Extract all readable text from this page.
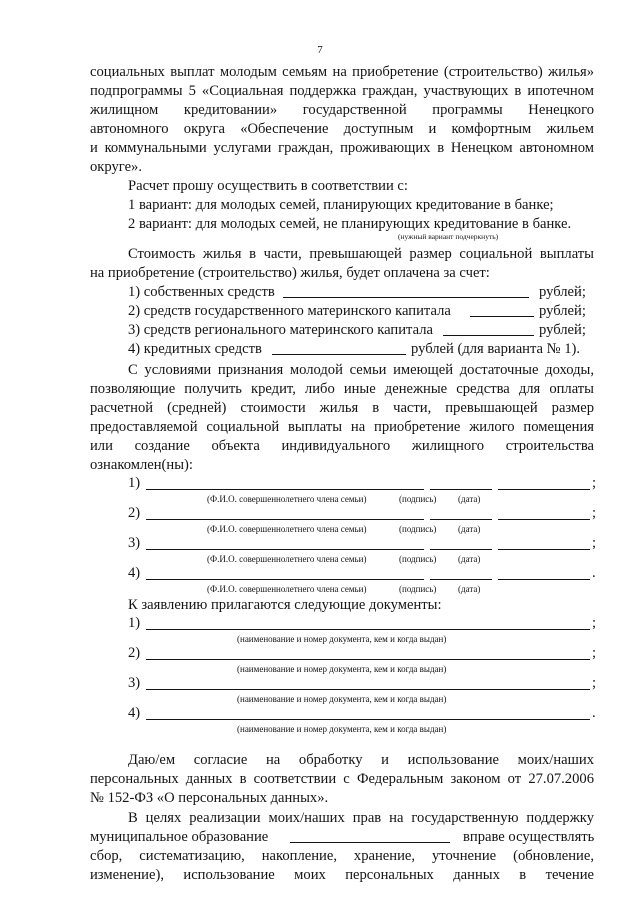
7
социальных выплат молодым семьям на приобретение (строительство) жилья»
подпрограммы 5 «Социальная поддержка граждан, участвующих в ипотечном
жилищном кредитовании» государственной программы Ненецкого
автономного округа «Обеспечение доступным и комфортным жильем
и коммунальными услугами граждан, проживающих в Ненецком автономном
округе».
Расчет прошу осуществить в соответствии с:
1 вариант: для молодых семей, планирующих кредитование в банке;
2 вариант: для молодых семей, не планирующих кредитование в банке.
(нужный вариант подчеркнуть)
Стоимость жилья в части, превышающей размер социальной выплаты
на приобретение (строительство) жилья, будет оплачена за счет:
1) собственных средств	рублей;
2) средств государственного материнского капитала	рублей;
3) средств регионального материнского капитала	рублей;
4) кредитных средств	рублей (для варианта № 1).
С условиями признания молодой семьи имеющей достаточные доходы,
позволяющие получить кредит, либо иные денежные средства для оплаты
расчетной (средней) стоимости жилья в части, превышающей размер
предоставляемой социальной выплаты на приобретение жилого помещения
или создание объекта индивидуального жилищного строительства
ознакомлен(ны):
1)	;
(Ф.И.О. совершеннолетнего члена семьи)	(подпись) (дата)
2)	;
(Ф.И.О. совершеннолетнего члена семьи)	(подпись) (дата)
3)	;
(Ф.И.О. совершеннолетнего члена семьи)	(подпись) (дата)
4)	.
(Ф.И.О. совершеннолетнего члена семьи)	(подпись) (дата)
К заявлению прилагаются следующие документы:
1)	;
(наименование и номер документа, кем и когда выдан)
2)	;
(наименование и номер документа, кем и когда выдан)
3)	;
(наименование и номер документа, кем и когда выдан)
4)	.
(наименование и номер документа, кем и когда выдан)
Даю/ем согласие на обработку и использование моих/наших
персональных данных в соответствии с Федеральным законом от 27.07.2006
№ 152-ФЗ «О персональных данных».
В целях реализации моих/наших прав на государственную поддержку
муниципальное образование	вправе осуществлять
сбор, систематизацию, накопление, хранение, уточнение (обновление,
изменение), использование моих персональных данных в течение
